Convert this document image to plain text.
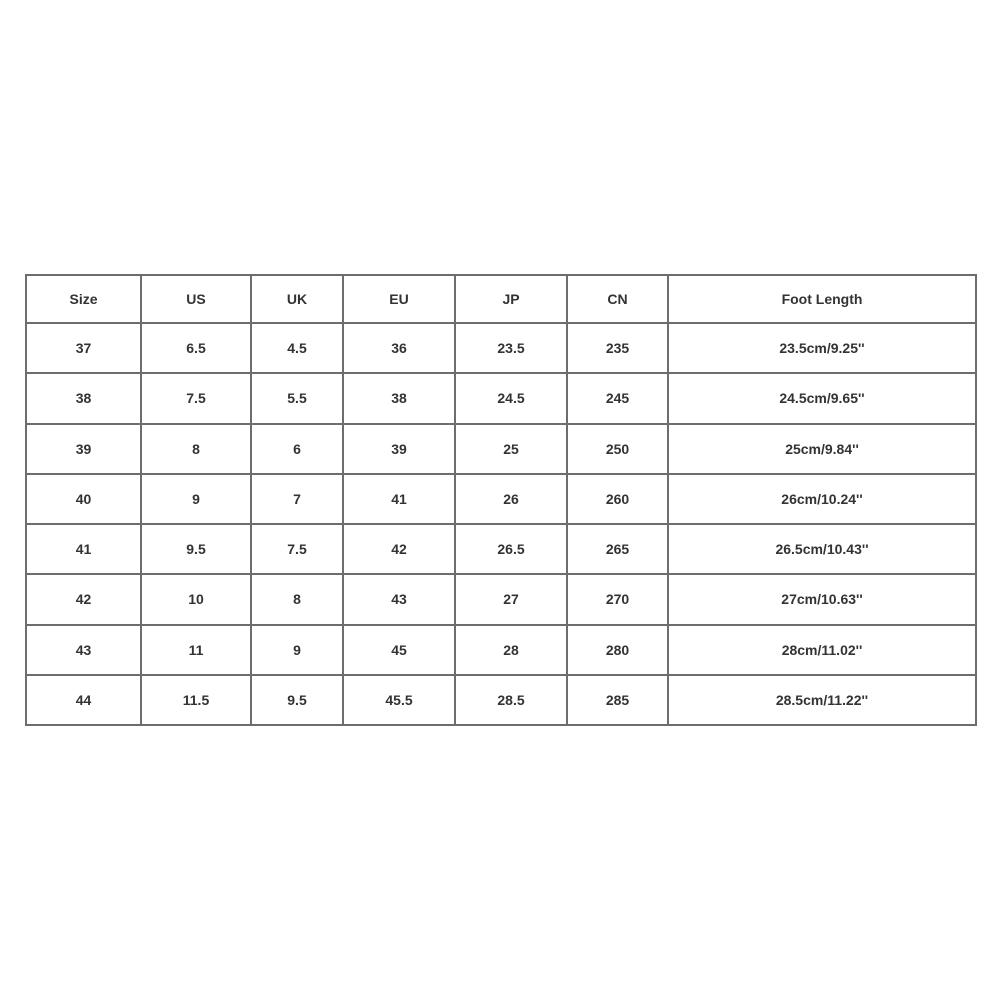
Size	US	UK	EU	JP	CN	Foot Length
37	6.5	4.5	36	23.5	235	23.5cm/9.25''
38	7.5	5.5	38	24.5	245	24.5cm/9.65''
39	8	6	39	25	250	25cm/9.84''
40	9	7	41	26	260	26cm/10.24''
41	9.5	7.5	42	26.5	265	26.5cm/10.43''
42	10	8	43	27	270	27cm/10.63''
43	11	9	45	28	280	28cm/11.02''
44	11.5	9.5	45.5	28.5	285	28.5cm/11.22''
